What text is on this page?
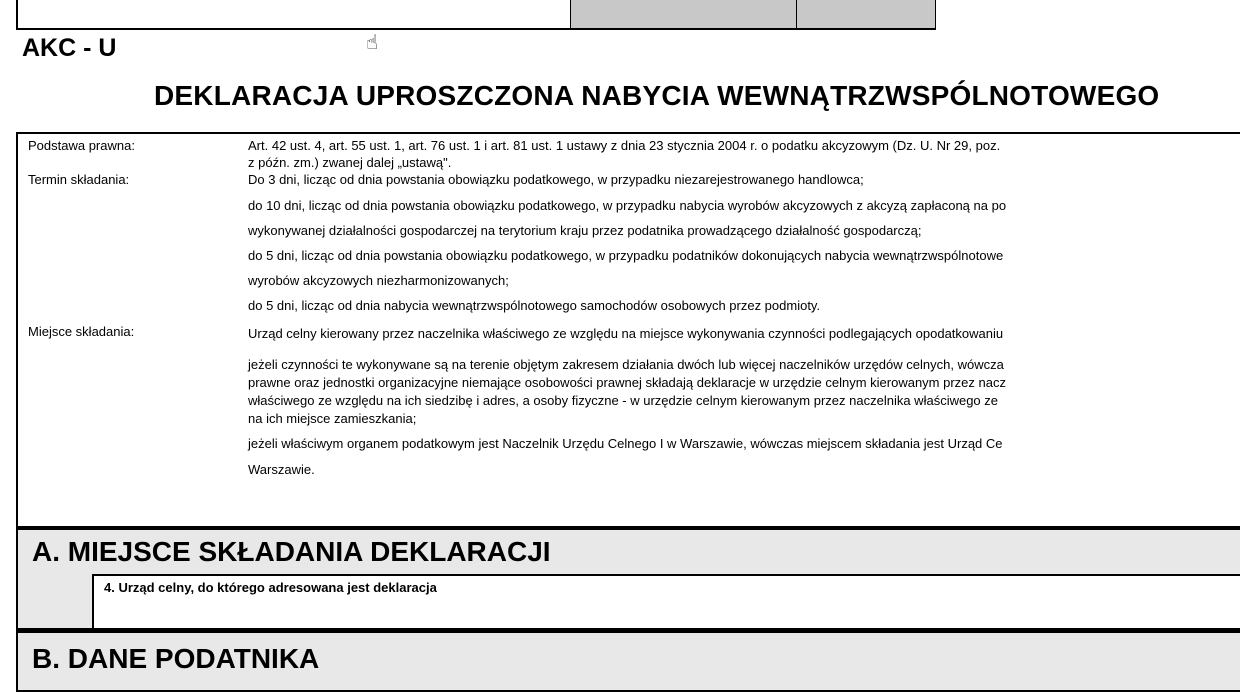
AKC - U	☝
DEKLARACJA UPROSZCZONA NABYCIA WEWNĄTRZWSPÓLNOTOWEGO
Podstawa prawna:	Art. 42 ust. 4, art. 55 ust. 1, art. 76 ust. 1 i art. 81 ust. 1 ustawy z dnia 23 stycznia 2004 r. o podatku akcyzowym (Dz. U. Nr 29, poz.
z późn. zm.) zwanej dalej „ustawą".
Termin składania:	Do 3 dni, licząc od dnia powstania obowiązku podatkowego, w przypadku niezarejestrowanego handlowca;
do 10 dni, licząc od dnia powstania obowiązku podatkowego, w przypadku nabycia wyrobów akcyzowych z akcyzą zapłaconą na po
wykonywanej działalności gospodarczej na terytorium kraju przez podatnika prowadzącego działalność gospodarczą;
do 5 dni, licząc od dnia powstania obowiązku podatkowego, w przypadku podatników dokonujących nabycia wewnątrzwspólnotowe
wyrobów akcyzowych niezharmonizowanych;
do 5 dni, licząc od dnia nabycia wewnątrzwspólnotowego samochodów osobowych przez podmioty.
Miejsce składania:	Urząd celny kierowany przez naczelnika właściwego ze względu na miejsce wykonywania czynności podlegających opodatkowaniu
jeżeli czynności te wykonywane są na terenie objętym zakresem działania dwóch lub więcej naczelników urzędów celnych, wówcza
prawne oraz jednostki organizacyjne niemające osobowości prawnej składają deklaracje w urzędzie celnym kierowanym przez nacz
właściwego ze względu na ich siedzibę i adres, a osoby fizyczne - w urzędzie celnym kierowanym przez naczelnika właściwego ze
na ich miejsce zamieszkania;
jeżeli właściwym organem podatkowym jest Naczelnik Urzędu Celnego I w Warszawie, wówczas miejscem składania jest Urząd Ce
Warszawie.
A. MIEJSCE SKŁADANIA DEKLARACJI
4. Urząd celny, do którego adresowana jest deklaracja
B. DANE PODATNIKA
